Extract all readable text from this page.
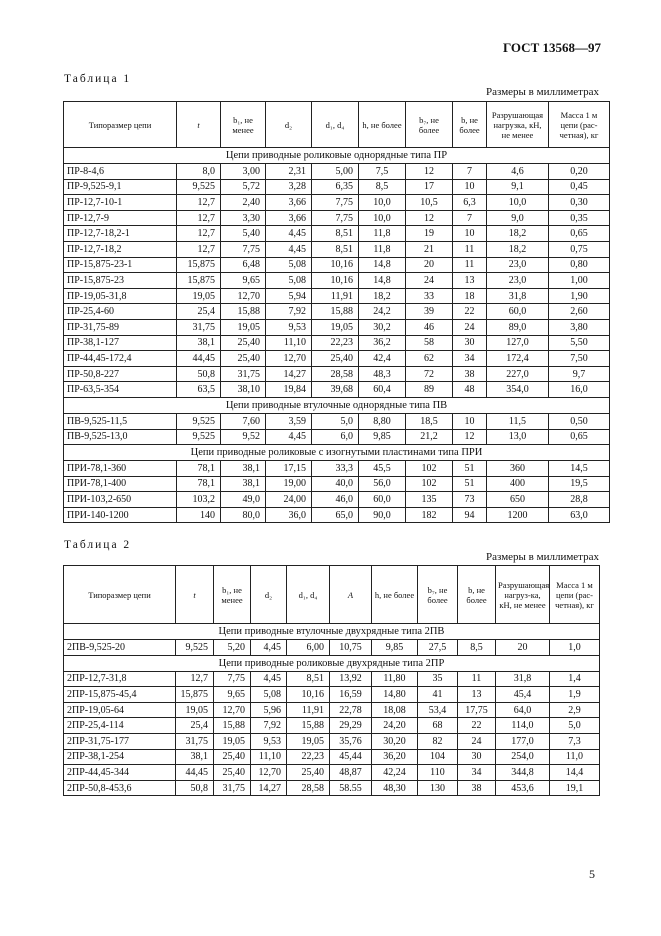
ГОСТ 13568—97
Таблица 1
Размеры в миллиметрах
Типоразмер цепи	t	b₁, не менее	d₂	d₁, d₄	h, не более	b₇, не более	b, не более	Разрушающая нагрузка, кН, не менее	Масса 1 м цепи (рас-четная), кг
Цепи приводные роликовые однорядные типа ПР									
ПР-8-4,6	8,0	3,00	2,31	5,00	7,5	12	7	4,6	0,20
ПР-9,525-9,1	9,525	5,72	3,28	6,35	8,5	17	10	9,1	0,45
ПР-12,7-10-1	12,7	2,40	3,66	7,75	10,0	10,5	6,3	10,0	0,30
ПР-12,7-9	12,7	3,30	3,66	7,75	10,0	12	7	9,0	0,35
ПР-12,7-18,2-1	12,7	5,40	4,45	8,51	11,8	19	10	18,2	0,65
ПР-12,7-18,2	12,7	7,75	4,45	8,51	11,8	21	11	18,2	0,75
ПР-15,875-23-1	15,875	6,48	5,08	10,16	14,8	20	11	23,0	0,80
ПР-15,875-23	15,875	9,65	5,08	10,16	14,8	24	13	23,0	1,00
ПР-19,05-31,8	19,05	12,70	5,94	11,91	18,2	33	18	31,8	1,90
ПР-25,4-60	25,4	15,88	7,92	15,88	24,2	39	22	60,0	2,60
ПР-31,75-89	31,75	19,05	9,53	19,05	30,2	46	24	89,0	3,80
ПР-38,1-127	38,1	25,40	11,10	22,23	36,2	58	30	127,0	5,50
ПР-44,45-172,4	44,45	25,40	12,70	25,40	42,4	62	34	172,4	7,50
ПР-50,8-227	50,8	31,75	14,27	28,58	48,3	72	38	227,0	9,7
ПР-63,5-354	63,5	38,10	19,84	39,68	60,4	89	48	354,0	16,0
Цепи приводные втулочные однорядные типа ПВ									
ПВ-9,525-11,5	9,525	7,60	3,59	5,0	8,80	18,5	10	11,5	0,50
ПВ-9,525-13,0	9,525	9,52	4,45	6,0	9,85	21,2	12	13,0	0,65
Цепи приводные роликовые с изогнутыми пластинами типа ПРИ									
ПРИ-78,1-360	78,1	38,1	17,15	33,3	45,5	102	51	360	14,5
ПРИ-78,1-400	78,1	38,1	19,00	40,0	56,0	102	51	400	19,5
ПРИ-103,2-650	103,2	49,0	24,00	46,0	60,0	135	73	650	28,8
ПРИ-140-1200	140	80,0	36,0	65,0	90,0	182	94	1200	63,0
Таблица 2
Размеры в миллиметрах
Типоразмер цепи	t	b₁, не менее	d₂	d₁, d₄	A	h, не более	b₇, не более	b, не более	Разрушающая нагруз-ка, кН, не менее	Масса 1 м цепи (рас-четная), кг
Цепи приводные втулочные двухрядные типа 2ПВ										
2ПВ-9,525-20	9,525	5,20	4,45	6,00	10,75	9,85	27,5	8,5	20	1,0
Цепи приводные роликовые двухрядные типа 2ПР										
2ПР-12,7-31,8	12,7	7,75	4,45	8,51	13,92	11,80	35	11	31,8	1,4
2ПР-15,875-45,4	15,875	9,65	5,08	10,16	16,59	14,80	41	13	45,4	1,9
2ПР-19,05-64	19,05	12,70	5,96	11,91	22,78	18,08	53,4	17,75	64,0	2,9
2ПР-25,4-114	25,4	15,88	7,92	15,88	29,29	24,20	68	22	114,0	5,0
2ПР-31,75-177	31,75	19,05	9,53	19,05	35,76	30,20	82	24	177,0	7,3
2ПР-38,1-254	38,1	25,40	11,10	22,23	45,44	36,20	104	30	254,0	11,0
2ПР-44,45-344	44,45	25,40	12,70	25,40	48,87	42,24	110	34	344,8	14,4
2ПР-50,8-453,6	50,8	31,75	14,27	28,58	58.55	48,30	130	38	453,6	19,1
5
